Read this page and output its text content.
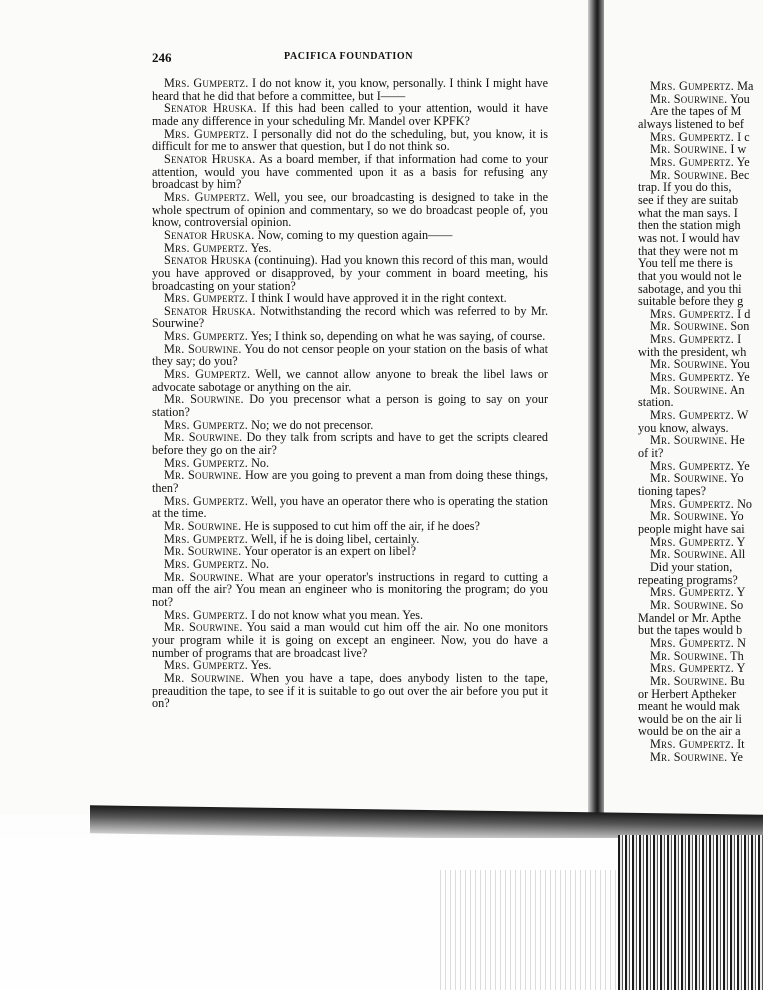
246	PACIFICA FOUNDATION

Mrs. Gumpertz. I do not know it, you know, personally. I think I might have heard that he did that before a committee, but I——

Senator Hruska. If this had been called to your attention, would it have made any difference in your scheduling Mr. Mandel over KPFK?

Mrs. Gumpertz. I personally did not do the scheduling, but, you know, it is difficult for me to answer that question, but I do not think so.

Senator Hruska. As a board member, if that information had come to your attention, would you have commented upon it as a basis for refusing any broadcast by him?

Mrs. Gumpertz. Well, you see, our broadcasting is designed to take in the whole spectrum of opinion and commentary, so we do broadcast people of, you know, controversial opinion.

Senator Hruska. Now, coming to my question again——

Mrs. Gumpertz. Yes.

Senator Hruska (continuing). Had you known this record of this man, would you have approved or disapproved, by your comment in board meeting, his broadcasting on your station?

Mrs. Gumpertz. I think I would have approved it in the right context.

Senator Hruska. Notwithstanding the record which was referred to by Mr. Sourwine?

Mrs. Gumpertz. Yes; I think so, depending on what he was saying, of course.

Mr. Sourwine. You do not censor people on your station on the basis of what they say; do you?

Mrs. Gumpertz. Well, we cannot allow anyone to break the libel laws or advocate sabotage or anything on the air.

Mr. Sourwine. Do you precensor what a person is going to say on your station?

Mrs. Gumpertz. No; we do not precensor.

Mr. Sourwine. Do they talk from scripts and have to get the scripts cleared before they go on the air?

Mrs. Gumpertz. No.

Mr. Sourwine. How are you going to prevent a man from doing these things, then?

Mrs. Gumpertz. Well, you have an operator there who is operating the station at the time.

Mr. Sourwine. He is supposed to cut him off the air, if he does?

Mrs. Gumpertz. Well, if he is doing libel, certainly.

Mr. Sourwine. Your operator is an expert on libel?

Mrs. Gumpertz. No.

Mr. Sourwine. What are your operator's instructions in regard to cutting a man off the air? You mean an engineer who is monitoring the program; do you not?

Mrs. Gumpertz. I do not know what you mean. Yes.

Mr. Sourwine. You said a man would cut him off the air. No one monitors your program while it is going on except an engineer. Now, you do have a number of programs that are broadcast live?

Mrs. Gumpertz. Yes.

Mr. Sourwine. When you have a tape, does anybody listen to the tape, preaudition the tape, to see if it is suitable to go out over the air before you put it on?

Mrs. Gumpertz. Ma
Mr. Sourwine. You
Are the tapes of M
always listened to bef
Mrs. Gumpertz. I c
Mr. Sourwine. I w
Mrs. Gumpertz. Ye
Mr. Sourwine. Bec
trap. If you do this,
see if they are suitab
what the man says. I
then the station migh
was not. I would hav
that they were not m
You tell me there is
that you would not le
sabotage, and you thi
suitable before they g
Mrs. Gumpertz. I d
Mr. Sourwine. Son
Mrs. Gumpertz. I
with the president, wh
Mr. Sourwine. You
Mrs. Gumpertz. Ye
Mr. Sourwine. An
station.
Mrs. Gumpertz. W
you know, always.
Mr. Sourwine. He
of it?
Mrs. Gumpertz. Ye
Mr. Sourwine. Yo
tioning tapes?
Mrs. Gumpertz. No
Mr. Sourwine. Yo
people might have sai
Mrs. Gumpertz. Y
Mr. Sourwine. All
Did your station,
repeating programs?
Mrs. Gumpertz. Y
Mr. Sourwine. So
Mandel or Mr. Apthe
but the tapes would b
Mrs. Gumpertz. N
Mr. Sourwine. Th
Mrs. Gumpertz. Y
Mr. Sourwine. Bu
or Herbert Aptheker
meant he would mak
would be on the air li
would be on the air a
Mrs. Gumpertz. It
Mr. Sourwine. Ye
